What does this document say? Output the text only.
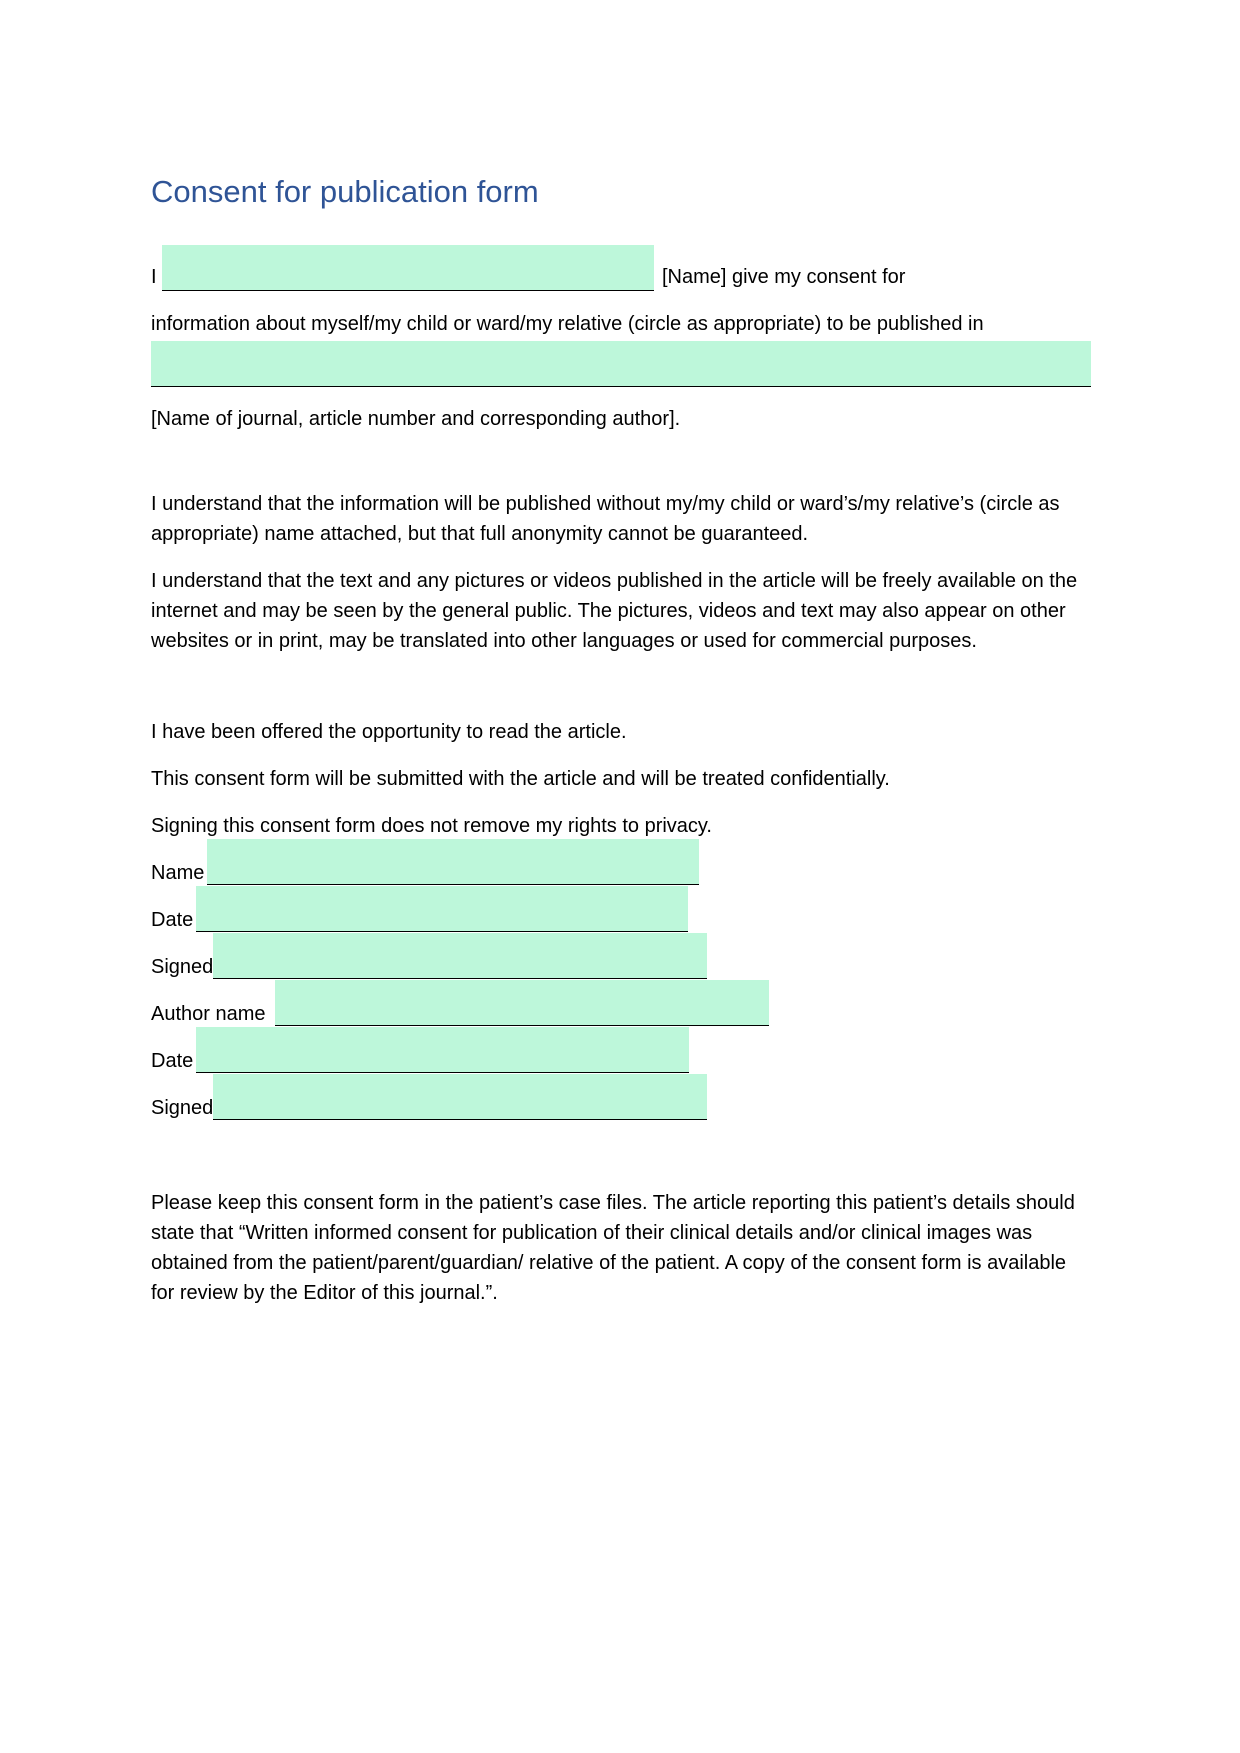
Consent for publication form
I	[Name] give my consent for
information about myself/my child or ward/my relative (circle as appropriate) to be published in
[Name of journal, article number and corresponding author].

I understand that the information will be published without my/my child or ward’s/my relative’s (circle as appropriate) name attached, but that full anonymity cannot be guaranteed.

I understand that the text and any pictures or videos published in the article will be freely available on the internet and may be seen by the general public. The pictures, videos and text may also appear on other websites or in print, may be translated into other languages or used for commercial purposes.

I have been offered the opportunity to read the article.

This consent form will be submitted with the article and will be treated confidentially.

Signing this consent form does not remove my rights to privacy.

Name
Date
Signed
Author name
Date
Signed

Please keep this consent form in the patient’s case files. The article reporting this patient’s details should state that “Written informed consent for publication of their clinical details and/or clinical images was obtained from the patient/parent/guardian/ relative of the patient. A copy of the consent form is available for review by the Editor of this journal.”.
